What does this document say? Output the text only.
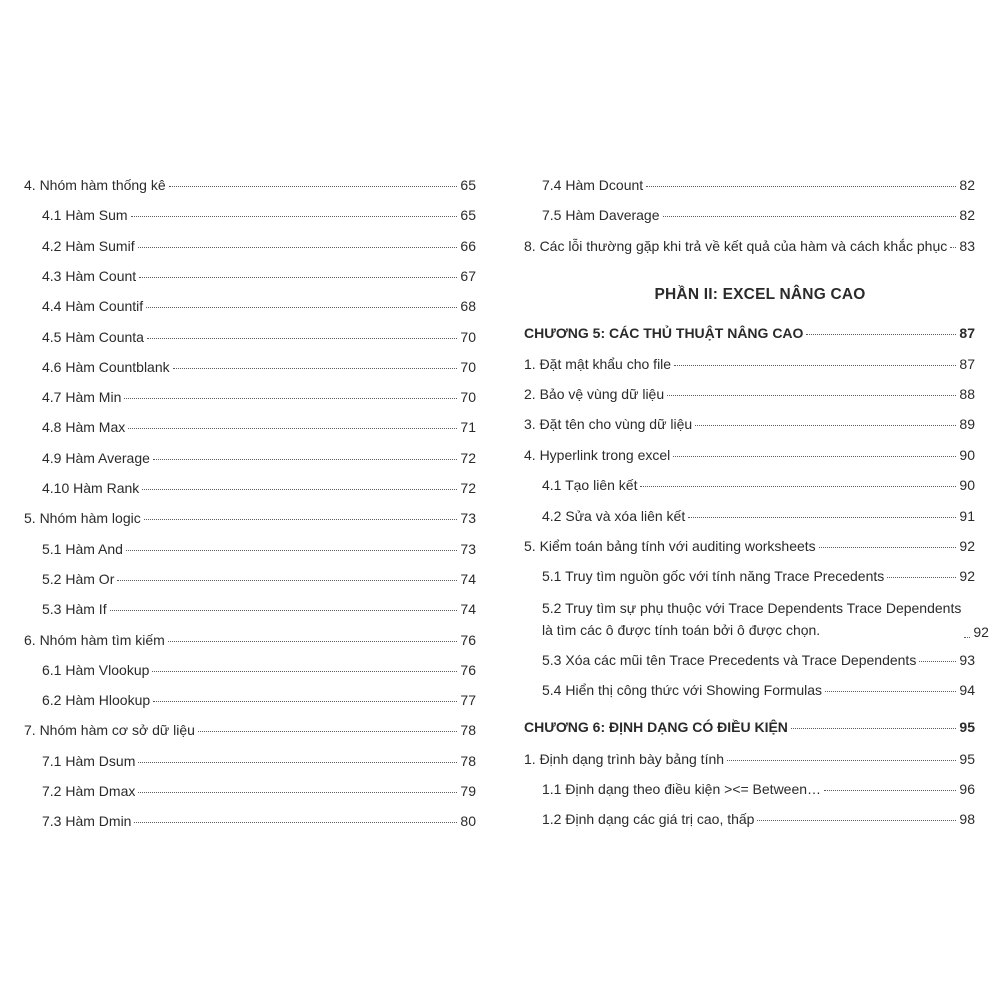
PHẦN II: EXCEL NÂNG CAO
4. Nhóm hàm thống kê	65
4.1 Hàm Sum	65
4.2 Hàm Sumif	66
4.3 Hàm Count	67
4.4 Hàm Countif	68
4.5 Hàm Counta	70
4.6 Hàm Countblank	70
4.7 Hàm Min	70
4.8 Hàm Max	71
4.9 Hàm Average	72
4.10 Hàm Rank	72
5. Nhóm hàm logic	73
5.1 Hàm And	73
5.2 Hàm Or	74
5.3 Hàm If	74
6. Nhóm hàm tìm kiếm	76
6.1 Hàm Vlookup	76
6.2 Hàm Hlookup	77
7. Nhóm hàm cơ sở dữ liệu	78
7.1 Hàm Dsum	78
7.2 Hàm Dmax	79
7.3 Hàm Dmin	80
7.4 Hàm Dcount	82
7.5 Hàm Daverage	82
8. Các lỗi thường gặp khi trả về kết quả của hàm và cách khắc phục 83
CHƯƠNG 5: CÁC THỦ THUẬT NÂNG CAO	87
1. Đặt mật khẩu cho file	87
2. Bảo vệ vùng dữ liệu	88
3. Đặt tên cho vùng dữ liệu	89
4. Hyperlink trong excel	90
4.1 Tạo liên kết	90
4.2 Sửa và xóa liên kết	91
5. Kiểm toán bảng tính với auditing worksheets	92
5.1 Truy tìm nguồn gốc với tính năng Trace Precedents	92
5.2 Truy tìm sự phụ thuộc với Trace Dependents Trace Dependents
là tìm các ô được tính toán bởi ô được chọn.	92
5.3 Xóa các mũi tên Trace Precedents và Trace Dependents	93
5.4 Hiển thị công thức với Showing Formulas	94
CHƯƠNG 6: ĐỊNH DẠNG CÓ ĐIỀU KIỆN	95
1. Định dạng trình bày bảng tính	95
1.1 Định dạng theo điều kiện ><= Between…	96
1.2 Định dạng các giá trị cao, thấp	98
